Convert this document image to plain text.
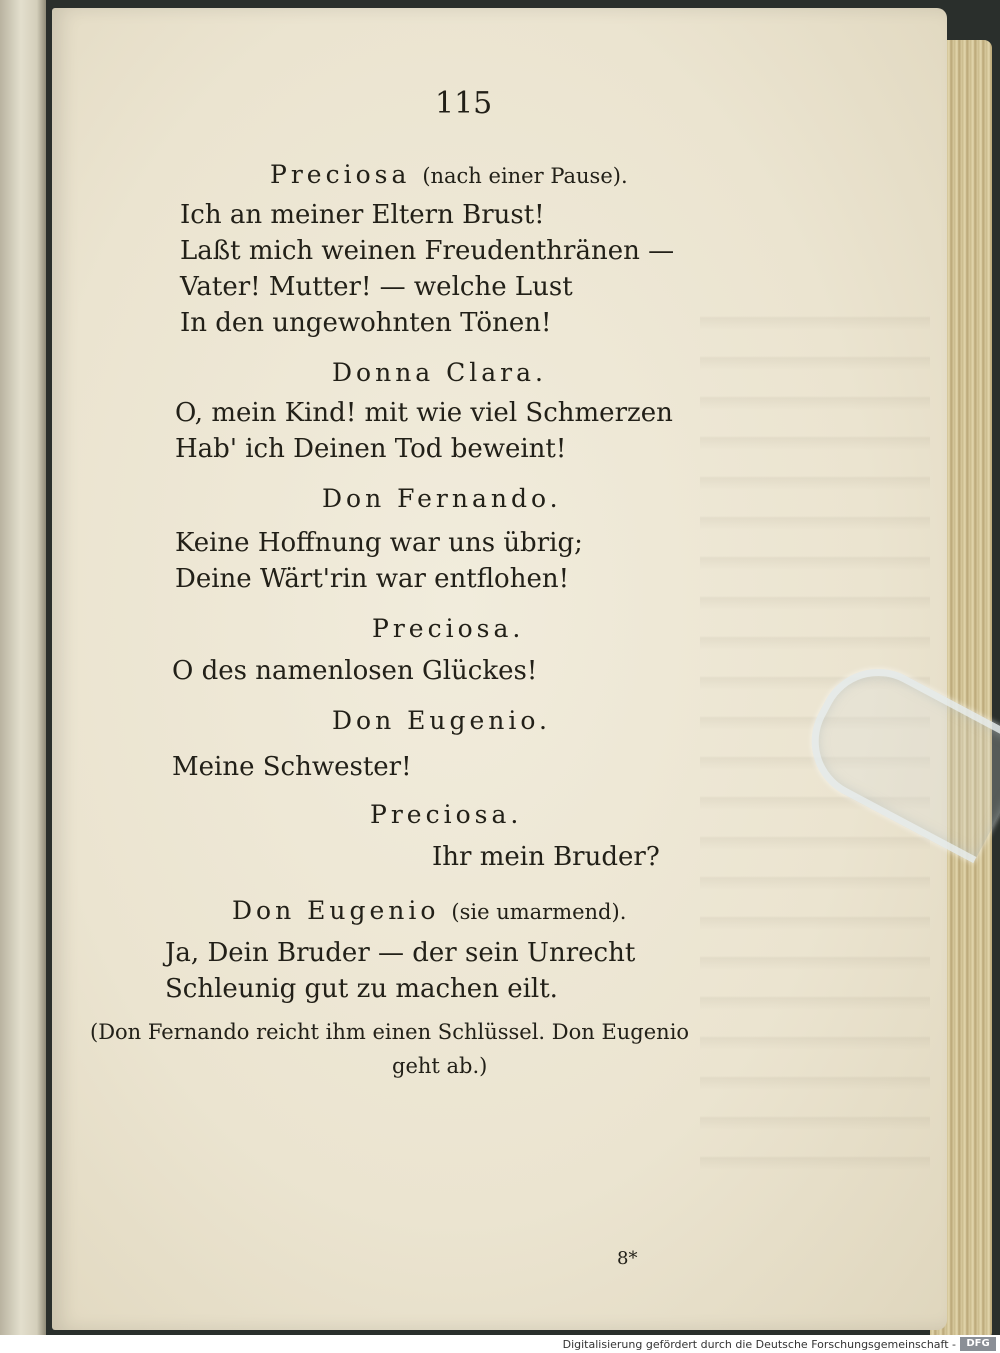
115
Preciosa (nach einer Pause).
Ich an meiner Eltern Brust!
Laßt mich weinen Freudenthränen —
Vater! Mutter! — welche Lust
In den ungewohnten Tönen!
Donna Clara.
O, mein Kind! mit wie viel Schmerzen
Hab' ich Deinen Tod beweint!
Don Fernando.
Keine Hoffnung war uns übrig;
Deine Wärt'rin war entflohen!
Preciosa.
O des namenlosen Glückes!
Don Eugenio.
Meine Schwester!
Preciosa.
Ihr mein Bruder?
Don Eugenio (sie umarmend).
Ja, Dein Bruder — der sein Unrecht
Schleunig gut zu machen eilt.
(Don Fernando reicht ihm einen Schlüssel. Don Eugenio
geht ab.)
8*
Digitalisierung gefördert durch die Deutsche Forschungsgemeinschaft -	DFG
